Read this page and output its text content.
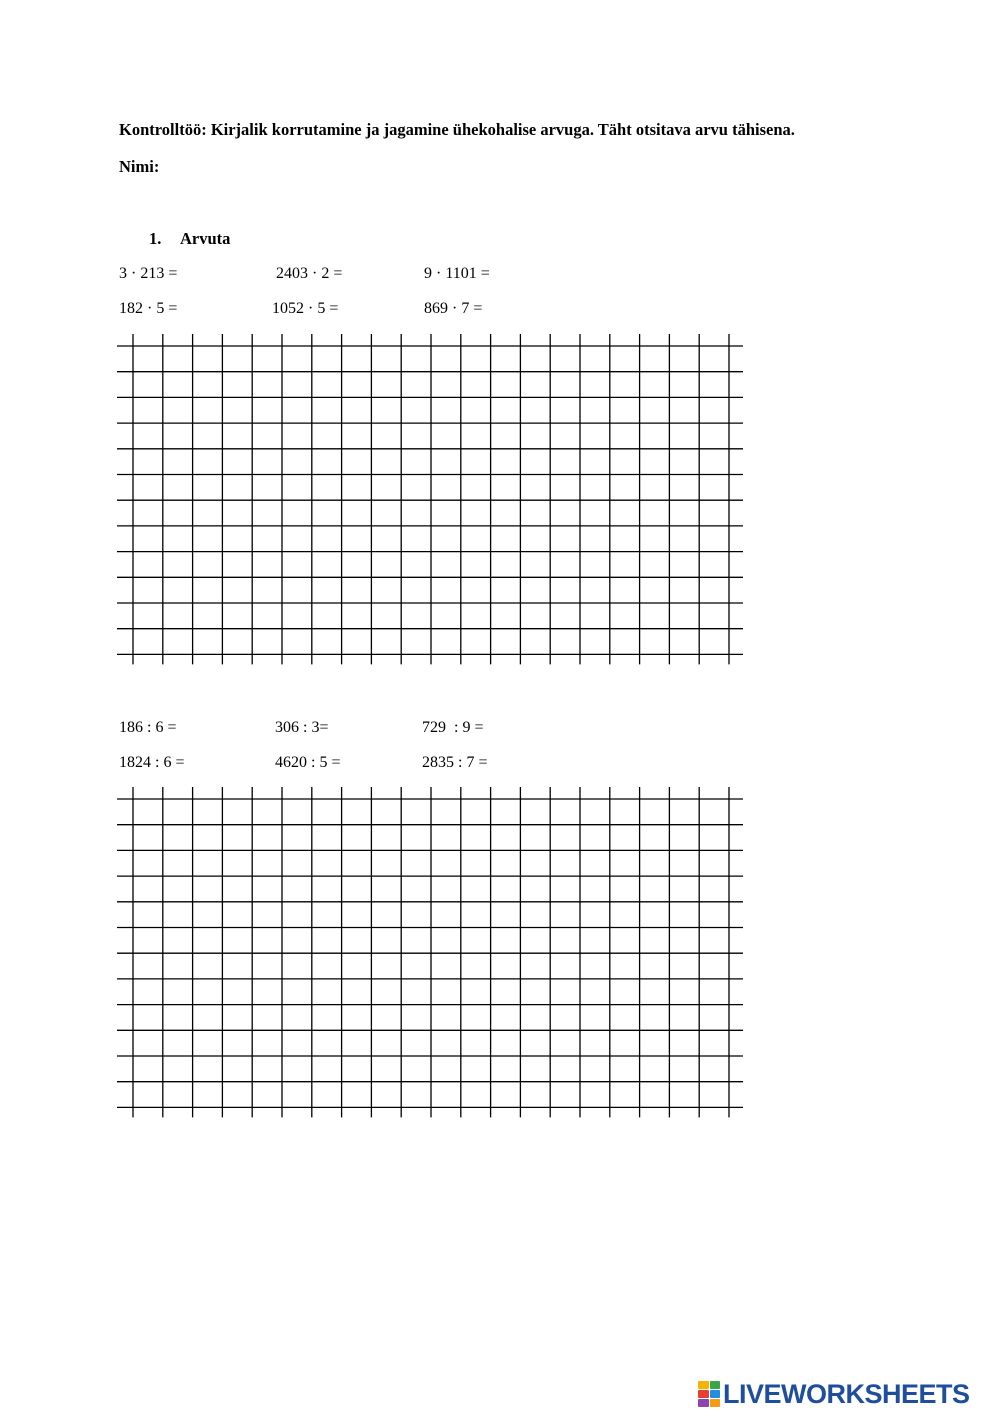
Kontrolltöö: Kirjalik korrutamine ja jagamine ühekohalise arvuga. Täht otsitava arvu tähisena.
Nimi:
1. Arvuta
3 · 213 =	2403 · 2 =	9 · 1101 =
182 · 5 =	1052 · 5 =	869 · 7 =
186 : 6 =	306 : 3=	729  : 9 =
1824 : 6 =	4620 : 5 =	2835 : 7 =
LIVEWORKSHEETS
